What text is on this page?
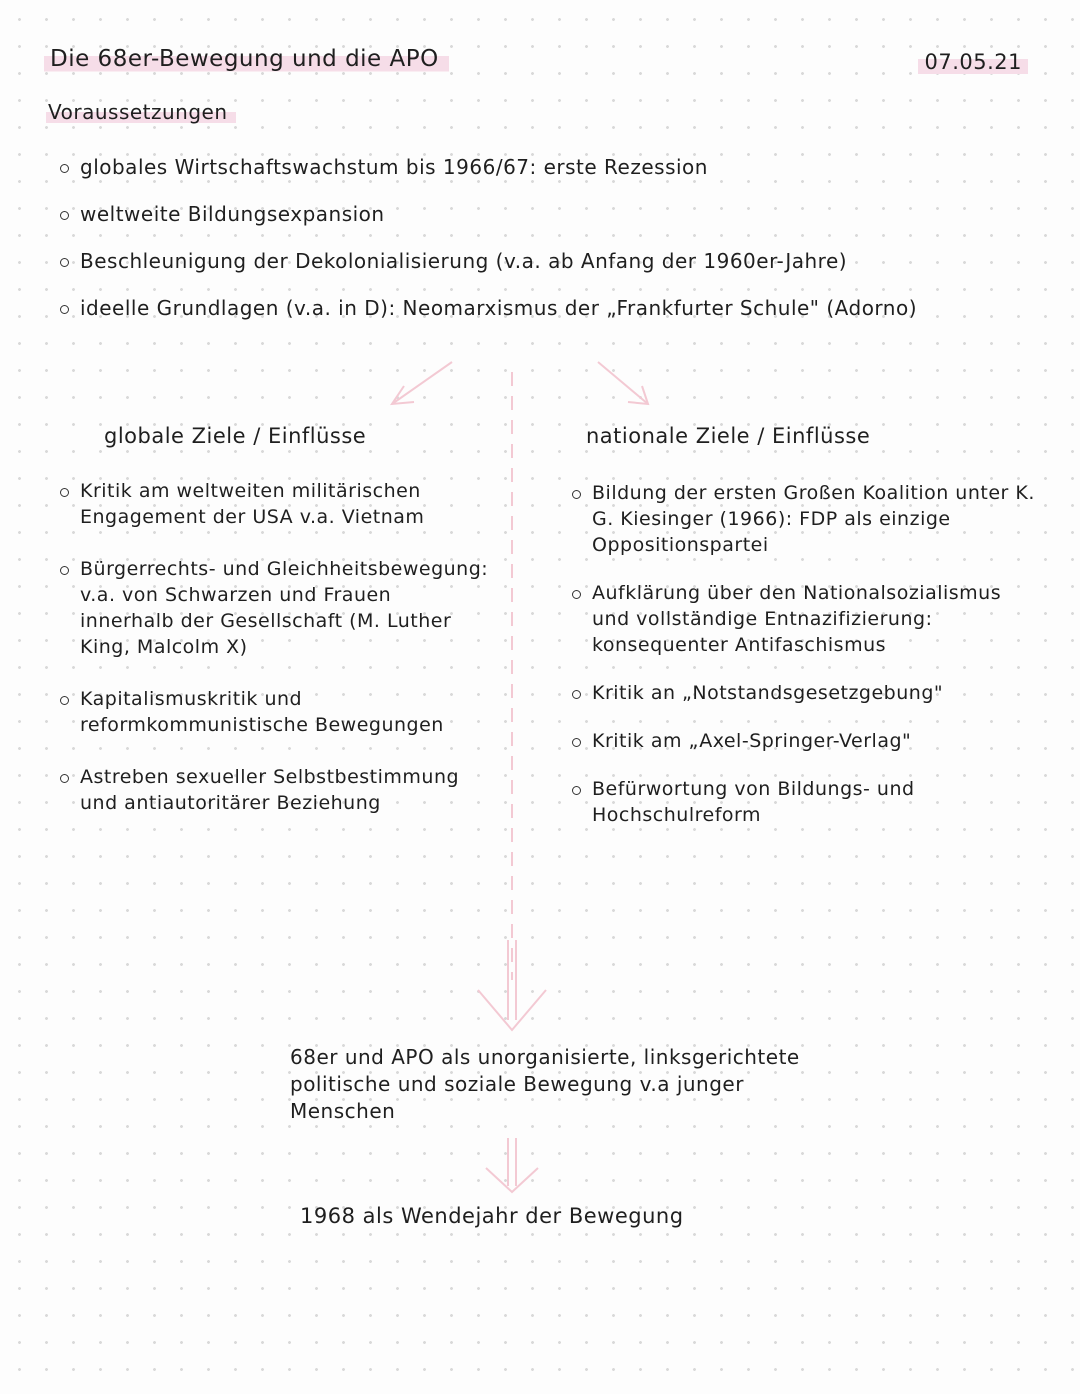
Die 68er-Bewegung und die APO	07.05.21
Voraussetzungen
globales Wirtschaftswachstum bis 1966/67: erste Rezession
weltweite Bildungsexpansion
Beschleunigung der Dekolonialisierung (v.a. ab Anfang der 1960er-Jahre)
ideelle Grundlagen (v.a. in D): Neomarxismus der „Frankfurter Schule" (Adorno)
globale Ziele / Einflüsse	nationale Ziele / Einflüsse
Kritik am weltweiten militärischen Engagement der USA v.a. Vietnam
Bürgerrechts- und Gleichheitsbewegung: v.a. von Schwarzen und Frauen innerhalb der Gesellschaft (M. Luther King, Malcolm X)
Kapitalismuskritik und reformkommunistische Bewegungen
Astreben sexueller Selbstbestimmung und antiautoritärer Beziehung
Bildung der ersten Großen Koalition unter K. G. Kiesinger (1966): FDP als einzige Oppositionspartei
Aufklärung über den Nationalsozialismus und vollständige Entnazifizierung: konsequenter Antifaschismus
Kritik an „Notstandsgesetzgebung"
Kritik am „Axel-Springer-Verlag"
Befürwortung von Bildungs- und Hochschulreform
68er und APO als unorganisierte, linksgerichtete politische und soziale Bewegung v.a junger Menschen
1968 als Wendejahr der Bewegung
